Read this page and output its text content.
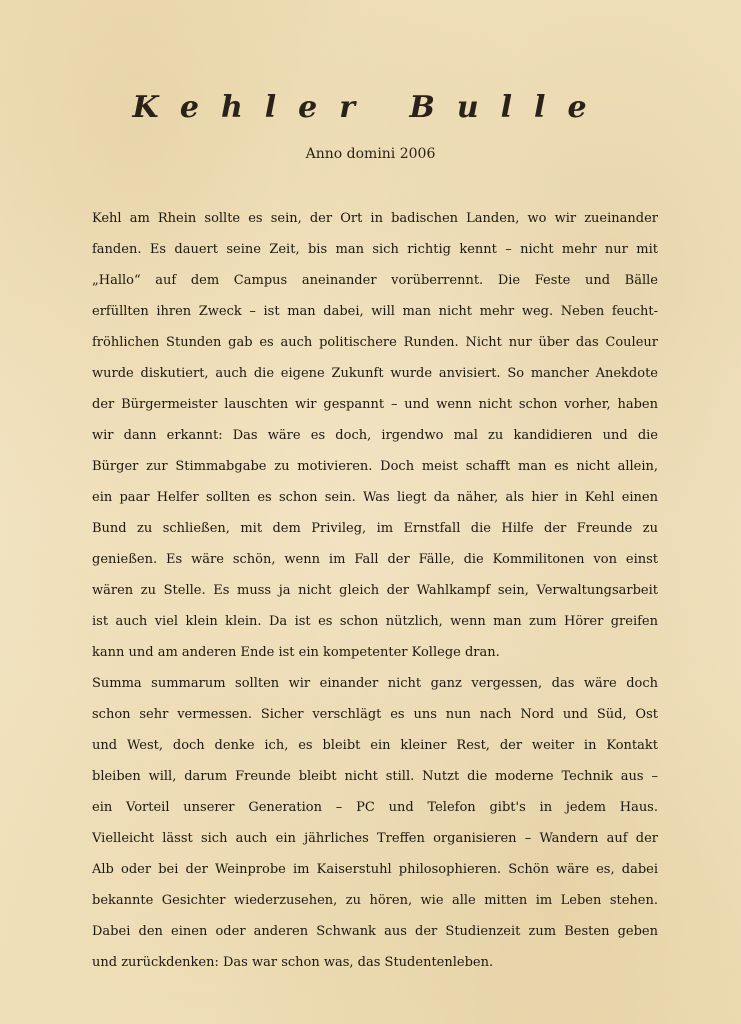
Kehler Bulle

Anno domini 2006

Kehl am Rhein sollte es sein, der Ort in badischen Landen, wo wir zueinander
fanden. Es dauert seine Zeit, bis man sich richtig kennt – nicht mehr nur mit
„Hallo“ auf dem Campus aneinander vorüberrennt. Die Feste und Bälle
erfüllten ihren Zweck – ist man dabei, will man nicht mehr weg. Neben feucht-
fröhlichen Stunden gab es auch politischere Runden. Nicht nur über das Couleur
wurde diskutiert, auch die eigene Zukunft wurde anvisiert. So mancher Anekdote
der Bürgermeister lauschten wir gespannt – und wenn nicht schon vorher, haben
wir dann erkannt: Das wäre es doch, irgendwo mal zu kandidieren und die
Bürger zur Stimmabgabe zu motivieren. Doch meist schafft man es nicht allein,
ein paar Helfer sollten es schon sein. Was liegt da näher, als hier in Kehl einen
Bund zu schließen, mit dem Privileg, im Ernstfall die Hilfe der Freunde zu
genießen. Es wäre schön, wenn im Fall der Fälle, die Kommilitonen von einst
wären zu Stelle. Es muss ja nicht gleich der Wahlkampf sein, Verwaltungsarbeit
ist auch viel klein klein. Da ist es schon nützlich, wenn man zum Hörer greifen
kann und am anderen Ende ist ein kompetenter Kollege dran.
Summa summarum sollten wir einander nicht ganz vergessen, das wäre doch
schon sehr vermessen. Sicher verschlägt es uns nun nach Nord und Süd, Ost
und West, doch denke ich, es bleibt ein kleiner Rest, der weiter in Kontakt
bleiben will, darum Freunde bleibt nicht still. Nutzt die moderne Technik aus –
ein Vorteil unserer Generation – PC und Telefon gibt's in jedem Haus.
Vielleicht lässt sich auch ein jährliches Treffen organisieren – Wandern auf der
Alb oder bei der Weinprobe im Kaiserstuhl philosophieren. Schön wäre es, dabei
bekannte Gesichter wiederzusehen, zu hören, wie alle mitten im Leben stehen.
Dabei den einen oder anderen Schwank aus der Studienzeit zum Besten geben
und zurückdenken: Das war schon was, das Studentenleben.
